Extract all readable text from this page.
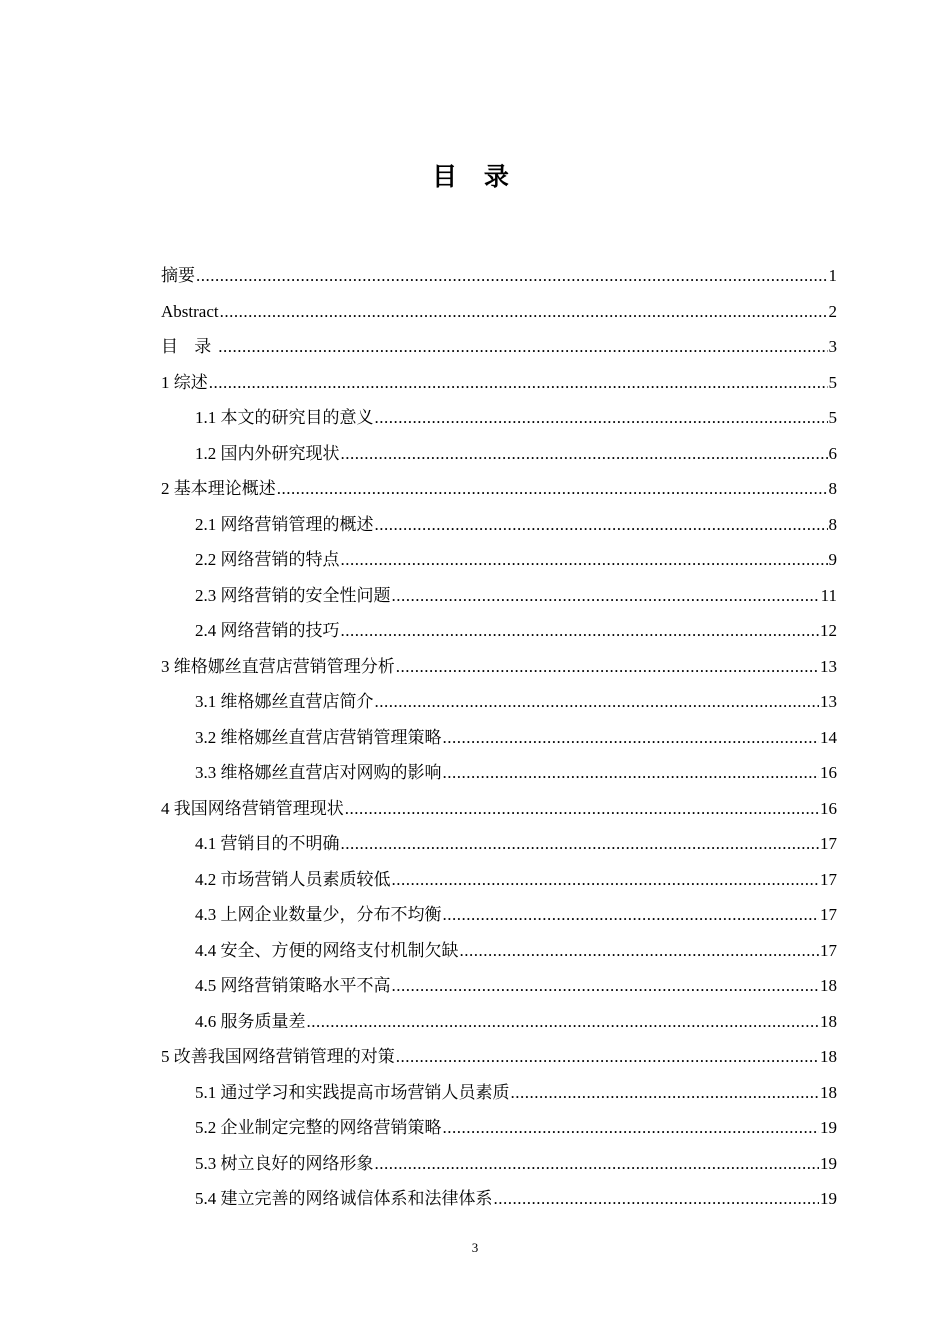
目 录
摘要 .....	1
Abstract .....	2
目 录 .....	3
1 综述 .....	5
1.1 本文的研究目的意义 .....	5
1.2 国内外研究现状 .....	6
2 基本理论概述 .....	8
2.1 网络营销管理的概述 .....	8
2.2 网络营销的特点 .....	9
2.3 网络营销的安全性问题 .....	11
2.4 网络营销的技巧 .....	12
3 维格娜丝直营店营销管理分析 .....	13
3.1 维格娜丝直营店简介 .....	13
3.2 维格娜丝直营店营销管理策略 .....	14
3.3 维格娜丝直营店对网购的影响 .....	16
4 我国网络营销管理现状 .....	16
4.1 营销目的不明确 .....	17
4.2 市场营销人员素质较低 .....	17
4.3 上网企业数量少，分布不均衡 .....	17
4.4 安全、方便的网络支付机制欠缺 .....	17
4.5 网络营销策略水平不高 .....	18
4.6 服务质量差 .....	18
5 改善我国网络营销管理的对策 .....	18
5.1 通过学习和实践提高市场营销人员素质 .....	18
5.2 企业制定完整的网络营销策略 .....	19
5.3 树立良好的网络形象 .....	19
5.4 建立完善的网络诚信体系和法律体系 .....	19
3
